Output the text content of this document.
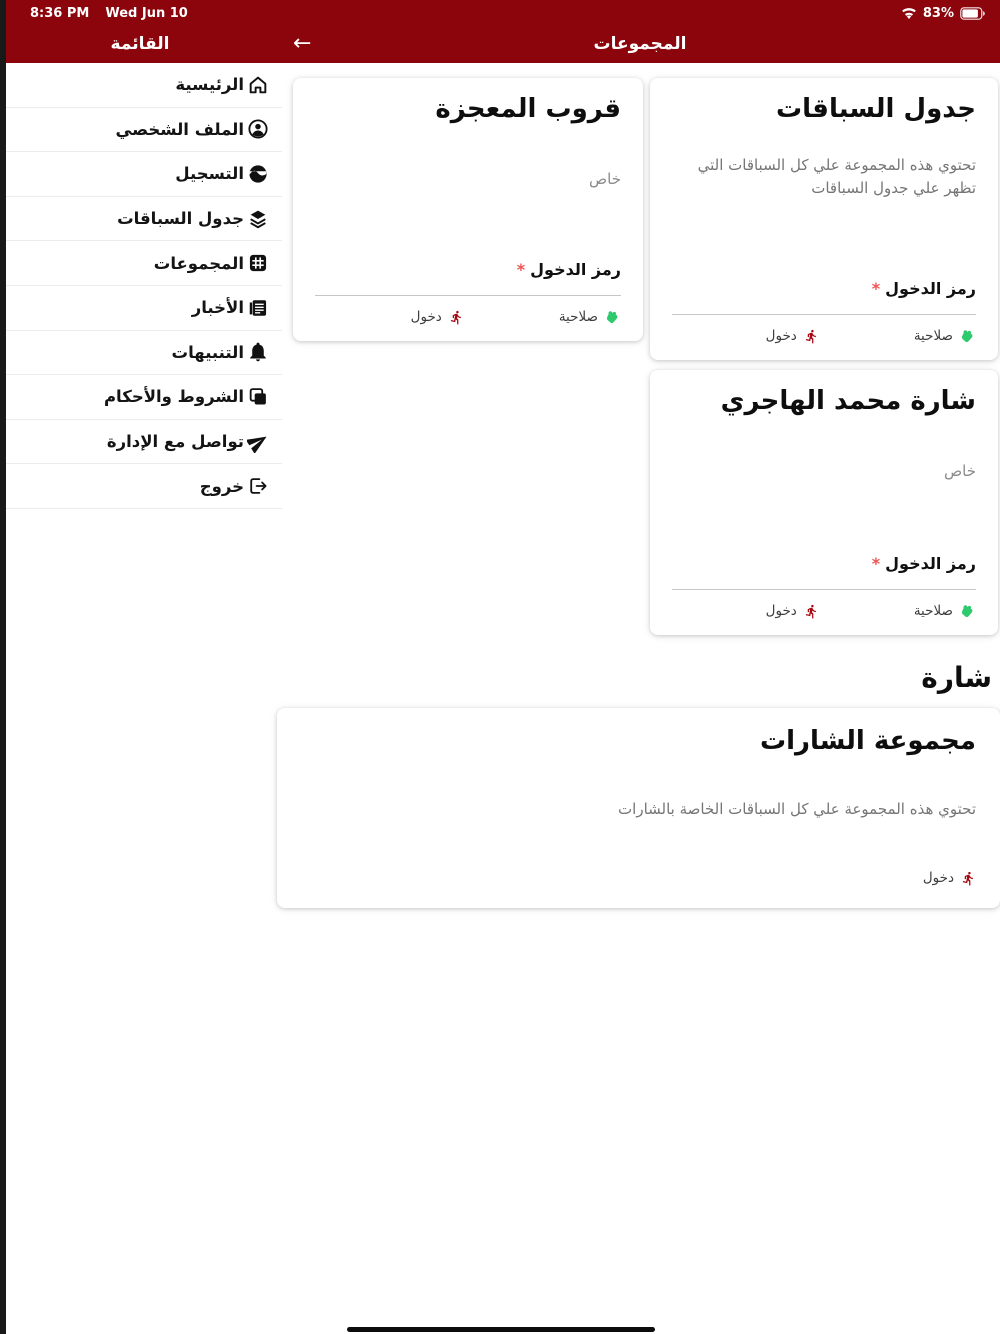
8:36 PM Wed Jun 10	83%
القائمة	←	المجموعات
الرئيسية
الملف الشخصي
التسجيل
جدول السباقات
المجموعات
الأخبار
التنبيهات
الشروط والأحكام
تواصل مع الإدارة
خروج
جدول السباقات

تحتوي هذه المجموعة علي كل السباقات التي تظهر علي جدول السباقات

رمز الدخول*
صلاحية
دخول
قروب المعجزة

خاص

رمز الدخول*
صلاحية
دخول
شارة محمد الهاجري

خاص

رمز الدخول*
صلاحية
دخول
شارة
مجموعة الشارات

تحتوي هذه المجموعة علي كل السباقات الخاصة بالشارات

دخول
